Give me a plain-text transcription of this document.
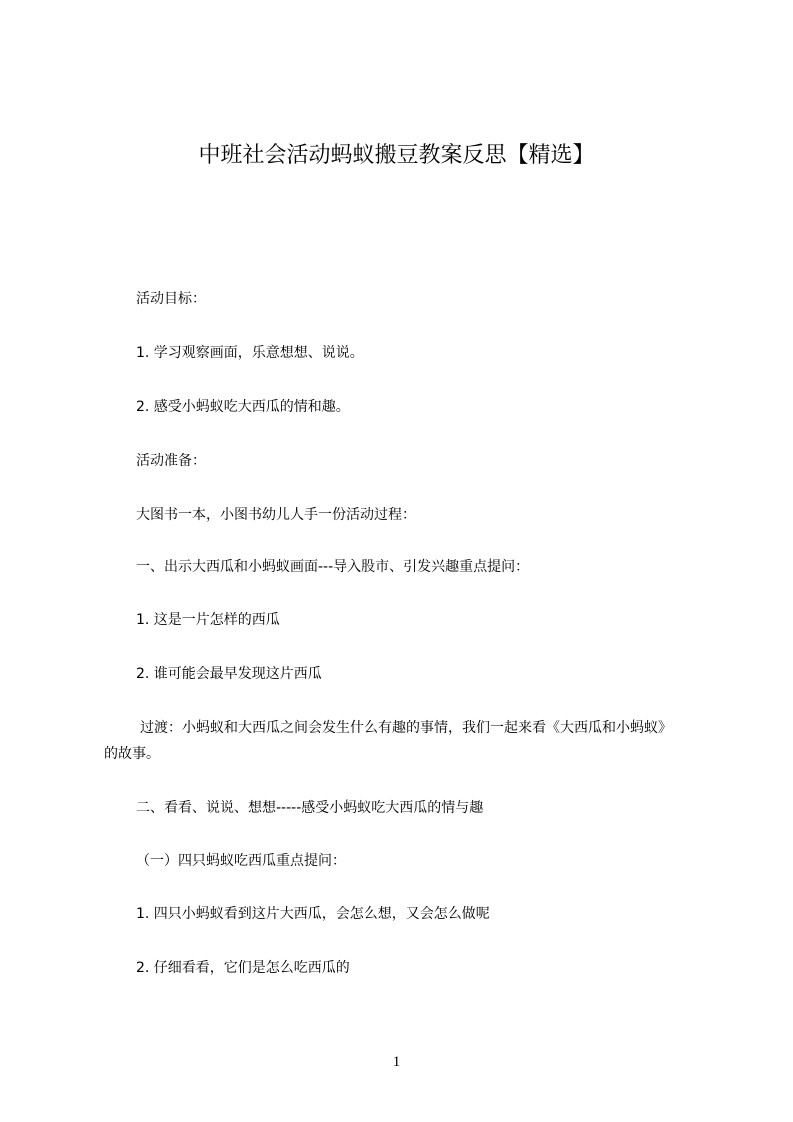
中班社会活动蚂蚁搬豆教案反思【精选】
活动目标：
1. 学习观察画面，乐意想想、说说。
2. 感受小蚂蚁吃大西瓜的情和趣。
活动准备：
大图书一本，小图书幼儿人手一份活动过程：
一、出示大西瓜和小蚂蚁画面---导入股市、引发兴趣重点提问：
1. 这是一片怎样的西瓜
2. 谁可能会最早发现这片西瓜
过渡：小蚂蚁和大西瓜之间会发生什么有趣的事情，我们一起来看《大西瓜和小蚂蚁》的故事。
二、看看、说说、想想-----感受小蚂蚁吃大西瓜的情与趣
（一）四只蚂蚁吃西瓜重点提问：
1. 四只小蚂蚁看到这片大西瓜，会怎么想，又会怎么做呢
2. 仔细看看，它们是怎么吃西瓜的
1
